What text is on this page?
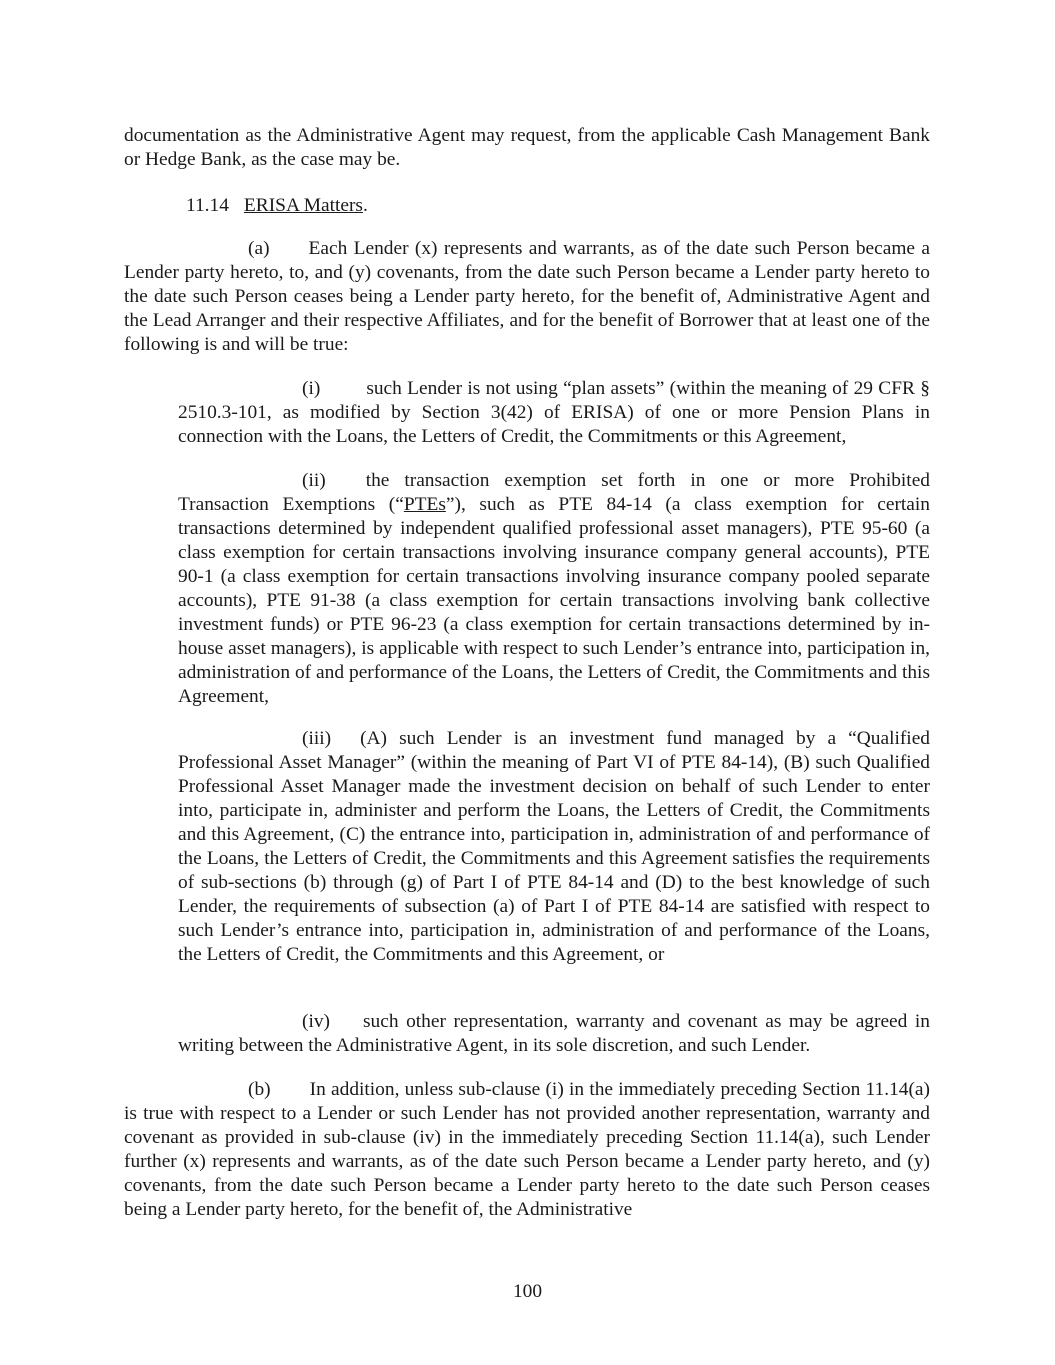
documentation as the Administrative Agent may request, from the applicable Cash Management Bank or Hedge Bank, as the case may be.

11.14 ERISA Matters.

(a) Each Lender (x) represents and warrants, as of the date such Person became a Lender party hereto, to, and (y) covenants, from the date such Person became a Lender party hereto to the date such Person ceases being a Lender party hereto, for the benefit of, Administrative Agent and the Lead Arranger and their respective Affiliates, and for the benefit of Borrower that at least one of the following is and will be true:

(i) such Lender is not using “plan assets” (within the meaning of 29 CFR § 2510.3-101, as modified by Section 3(42) of ERISA) of one or more Pension Plans in connection with the Loans, the Letters of Credit, the Commitments or this Agreement,

(ii) the transaction exemption set forth in one or more Prohibited Transaction Exemptions (“PTEs”), such as PTE 84-14 (a class exemption for certain transactions determined by independent qualified professional asset managers), PTE 95-60 (a class exemption for certain transactions involving insurance company general accounts), PTE 90-1 (a class exemption for certain transactions involving insurance company pooled separate accounts), PTE 91-38 (a class exemption for certain transactions involving bank collective investment funds) or PTE 96-23 (a class exemption for certain transactions determined by in-house asset managers), is applicable with respect to such Lender’s entrance into, participation in, administration of and performance of the Loans, the Letters of Credit, the Commitments and this Agreement,

(iii) (A) such Lender is an investment fund managed by a “Qualified Professional Asset Manager” (within the meaning of Part VI of PTE 84-14), (B) such Qualified Professional Asset Manager made the investment decision on behalf of such Lender to enter into, participate in, administer and perform the Loans, the Letters of Credit, the Commitments and this Agreement, (C) the entrance into, participation in, administration of and performance of the Loans, the Letters of Credit, the Commitments and this Agreement satisfies the requirements of sub-sections (b) through (g) of Part I of PTE 84-14 and (D) to the best knowledge of such Lender, the requirements of subsection (a) of Part I of PTE 84-14 are satisfied with respect to such Lender’s entrance into, participation in, administration of and performance of the Loans, the Letters of Credit, the Commitments and this Agreement, or

(iv) such other representation, warranty and covenant as may be agreed in writing between the Administrative Agent, in its sole discretion, and such Lender.

(b) In addition, unless sub-clause (i) in the immediately preceding Section 11.14(a) is true with respect to a Lender or such Lender has not provided another representation, warranty and covenant as provided in sub-clause (iv) in the immediately preceding Section 11.14(a), such Lender further (x) represents and warrants, as of the date such Person became a Lender party hereto, and (y) covenants, from the date such Person became a Lender party hereto to the date such Person ceases being a Lender party hereto, for the benefit of, the Administrative

100
